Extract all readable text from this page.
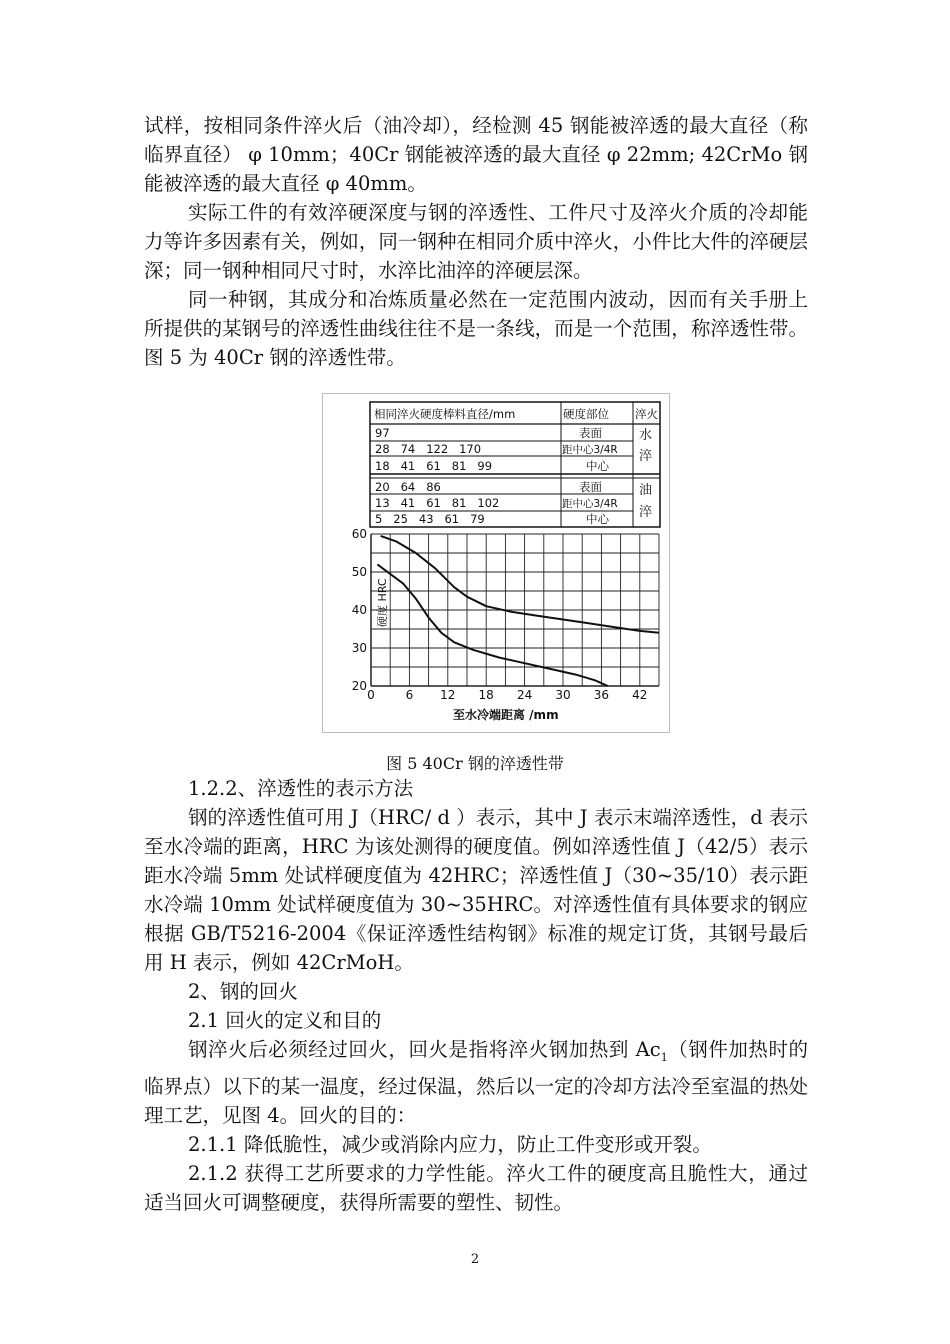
试样，按相同条件淬火后（油冷却），经检测 45 钢能被淬透的最大直径（称临界直径） φ 10mm；40Cr 钢能被淬透的最大直径 φ 22mm; 42CrMo 钢能被淬透的最大直径 φ 40mm。

实际工件的有效淬硬深度与钢的淬透性、工件尺寸及淬火介质的冷却能力等许多因素有关，例如，同一钢种在相同介质中淬火，小件比大件的淬硬层深；同一钢种相同尺寸时，水淬比油淬的淬硬层深。

同一种钢，其成分和冶炼质量必然在一定范围内波动，因而有关手册上所提供的某钢号的淬透性曲线往往不是一条线，而是一个范围，称淬透性带。图 5 为 40Cr 钢的淬透性带。

相同淬火硬度棒料直径/mm	硬度部位 淬火
97	表面
28   74   122   170	距中心3/4R
18   41   61   81   99	中心
20   64   86	表面
13   41   61   81   102	距中心3/4R
5   25   43   61   79	中心
水
淬
油
淬
0	6 12 18 24 30 36 42
20
30
40
50
60
硬度 HRC
至水冷端距离 /mm
图 5 40Cr 钢的淬透性带

1.2.2、淬透性的表示方法

钢的淬透性值可用 J（HRC/ d ）表示，其中 J 表示末端淬透性，d 表示至水冷端的距离，HRC 为该处测得的硬度值。例如淬透性值 J（42/5）表示距水冷端 5mm 处试样硬度值为 42HRC；淬透性值 J（30~35/10）表示距水冷端 10mm 处试样硬度值为 30~35HRC。对淬透性值有具体要求的钢应根据 GB/T5216-2004《保证淬透性结构钢》标准的规定订货，其钢号最后用 H 表示，例如 42CrMoH。

2、钢的回火

2.1 回火的定义和目的

钢淬火后必须经过回火，回火是指将淬火钢加热到 $Ac_1$（钢件加热时的临界点）以下的某一温度，经过保温，然后以一定的冷却方法冷至室温的热处理工艺，见图 4。回火的目的：

2.1.1 降低脆性，减少或消除内应力，防止工件变形或开裂。

2.1.2 获得工艺所要求的力学性能。淬火工件的硬度高且脆性大，通过适当回火可调整硬度，获得所需要的塑性、韧性。

2
